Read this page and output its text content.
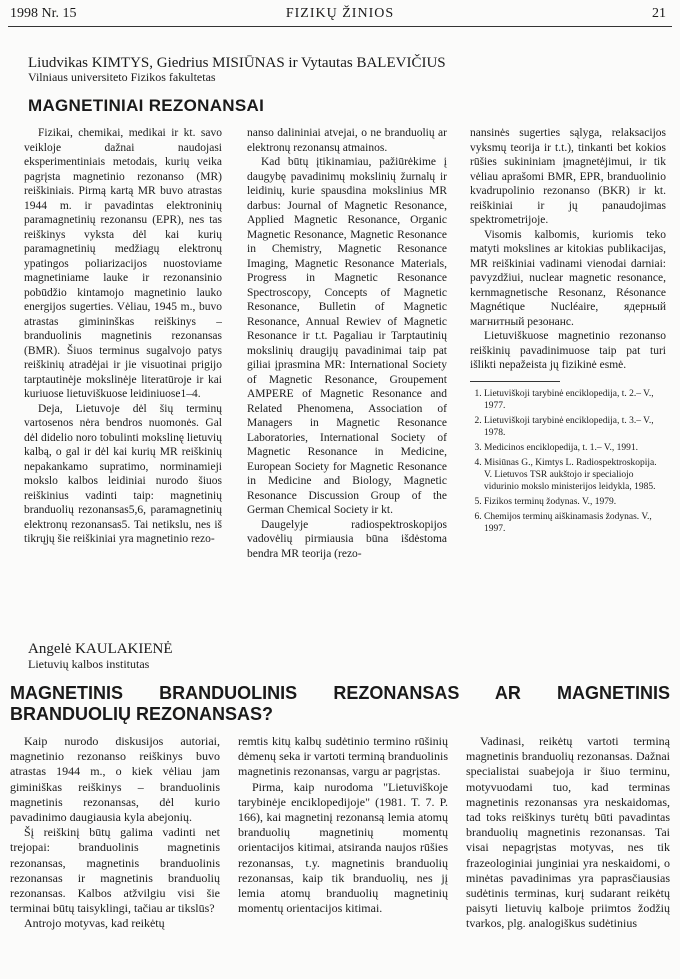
1998 Nr. 15	FIZIKŲ ŽINIOS	21
Liudvikas KIMTYS, Giedrius MISIŪNAS ir Vytautas BALEVIČIUS
Vilniaus universiteto Fizikos fakultetas
MAGNETINIAI REZONANSAI

Fizikai, chemikai, medikai ir kt. savo veikloje dažnai naudojasi eksperimentiniais metodais, kurių veika pagrįsta magnetinio rezonanso (MR) reiškiniais. Pirmą kartą MR buvo atrastas 1944 m. ir pavadintas elektroninių paramagnetinių rezonansu (EPR), nes tas reiškinys vyksta dėl kai kurių paramagnetinių medžiagų elektronų ypatingos poliarizacijos nuostoviame magnetiniame lauke ir rezonansinio pobūdžio kintamojo magnetinio lauko energijos sugerties. Vėliau, 1945 m., buvo atrastas gimininškas reiškinys – branduolinis magnetinis rezonansas (BMR). Šiuos terminus sugalvojo patys reiškinių atradėjai ir jie visuotinai prigijo tarptautinėje mokslinėje literatūroje ir kai kuriuose lietuviškuose leidiniuose1–4.

Deja, Lietuvoje dėl šių terminų vartosenos nėra bendros nuomonės. Gal dėl didelio noro tobulinti mokslinę lietuvių kalbą, o gal ir dėl kai kurių MR reiškinių nepakankamo supratimo, norminamieji mokslo kalbos leidiniai nurodo šiuos reiškinius vadinti taip: magnetinių branduolių rezonansas5,6, paramagnetinių elektronų rezonansas5. Tai netikslu, nes iš tikrųjų šie reiškiniai yra magnetinio rezo-

nanso dalininiai atvejai, o ne branduolių ar elektronų rezonansų atmainos.

Kad būtų įtikinamiau, pažiūrėkime į daugybę pavadinimų mokslinių žurnalų ir leidinių, kurie spausdina mokslinius MR darbus: Journal of Magnetic Resonance, Applied Magnetic Resonance, Organic Magnetic Resonance, Magnetic Resonance in Chemistry, Magnetic Resonance Imaging, Magnetic Resonance Materials, Progress in Magnetic Resonance Spectroscopy, Concepts of Magnetic Resonance, Bulletin of Magnetic Resonance, Annual Rewiev of Magnetic Resonance ir t.t. Pagaliau ir Tarptautinių mokslinių draugijų pavadinimai taip pat giliai įprasmina MR: International Society of Magnetic Resonance, Groupement AMPERE of Magnetic Resonance and Related Phenomena, Association of Managers in Magnetic Resonance Laboratories, International Society of Magnetic Resonance in Medicine, European Society for Magnetic Resonance in Medicine and Biology, Magnetic Resonance Discussion Group of the German Chemical Society ir kt.

Daugelyje radiospektroskopijos vadovėlių pirmiausia būna išdėstoma bendra MR teorija (rezo-

nansinės sugerties sąlyga, relaksacijos vyksmų teorija ir t.t.), tinkanti bet kokios rūšies sukininiam įmagnetėjimui, ir tik vėliau aprašomi BMR, EPR, branduolinio kvadrupolinio rezonanso (BKR) ir kt. reiškiniai ir jų panaudojimas spektrometrijoje.

Visomis kalbomis, kuriomis teko matyti mokslines ar kitokias publikacijas, MR reiškiniai vadinami vienodai darniai: pavyzdžiui, nuclear magnetic resonance, kernmagnetische Resonanz, Résonance Magnétique Nucléaire, ядерный магнитный резонанс.

Lietuviškuose magnetinio rezonanso reiškinių pavadinimuose taip pat turi išlikti nepažeista jų fizikinė esmė.

1. Lietuviškoji tarybinė enciklopedija, t. 2.– V., 1977.
2. Lietuviškoji tarybinė enciklopedija, t. 3.– V., 1978.
3. Medicinos enciklopedija, t. 1.– V., 1991.
4. Misiūnas G., Kimtys L. Radiospektroskopija. V. Lietuvos TSR aukštojo ir specialiojo vidurinio mokslo ministerijos leidykla, 1985.
5. Fizikos terminų žodynas. V., 1979.
6. Chemijos terminų aiškinamasis žodynas. V., 1997.
Angelė KAULAKIENĖ
Lietuvių kalbos institutas
MAGNETINIS BRANDUOLINIS REZONANSAS AR MAGNETINIS BRANDUOLIŲ REZONANSAS?

Kaip nurodo diskusijos autoriai, magnetinio rezonanso reiškinys buvo atrastas 1944 m., o kiek vėliau jam giminiškas reiškinys – branduolinis magnetinis rezonansas, dėl kurio pavadinimo daugiausia kyla abejonių.

Šį reiškinį būtų galima vadinti net trejopai: branduolinis magnetinis rezonansas, magnetinis branduolinis rezonansas ir magnetinis branduolių rezonansas. Kalbos atžvilgiu visi šie terminai būtų taisyklingi, tačiau ar tikslūs?

Antrojo motyvas, kad reikėtų

remtis kitų kalbų sudėtinio termino rūšinių dėmenų seka ir vartoti terminą branduolinis magnetinis rezonansas, vargu ar pagrįstas.

Pirma, kaip nurodoma "Lietuviškoje tarybinėje enciklopedijoje" (1981. T. 7. P. 166), kai magnetinį rezonansą lemia atomų branduolių magnetinių momentų orientacijos kitimai, atsiranda naujos rūšies rezonansas, t.y. magnetinis branduolių rezonansas, kaip tik branduolių, nes jį lemia atomų branduolių magnetinių momentų orientacijos kitimai.

Vadinasi, reikėtų vartoti terminą magnetinis branduolių rezonansas. Dažnai specialistai suabejoja ir šiuo terminu, motyvuodami tuo, kad terminas magnetinis rezonansas yra neskaidomas, tad toks reiškinys turėtų būti pavadintas branduolių magnetinis rezonansas. Tai visai nepagrįstas motyvas, nes tik frazeologiniai junginiai yra neskaidomi, o minėtas pavadinimas yra paprasčiausias sudėtinis terminas, kurį sudarant reikėtų paisyti lietuvių kalboje priimtos žodžių tvarkos, plg. analogiškus sudėtinius
